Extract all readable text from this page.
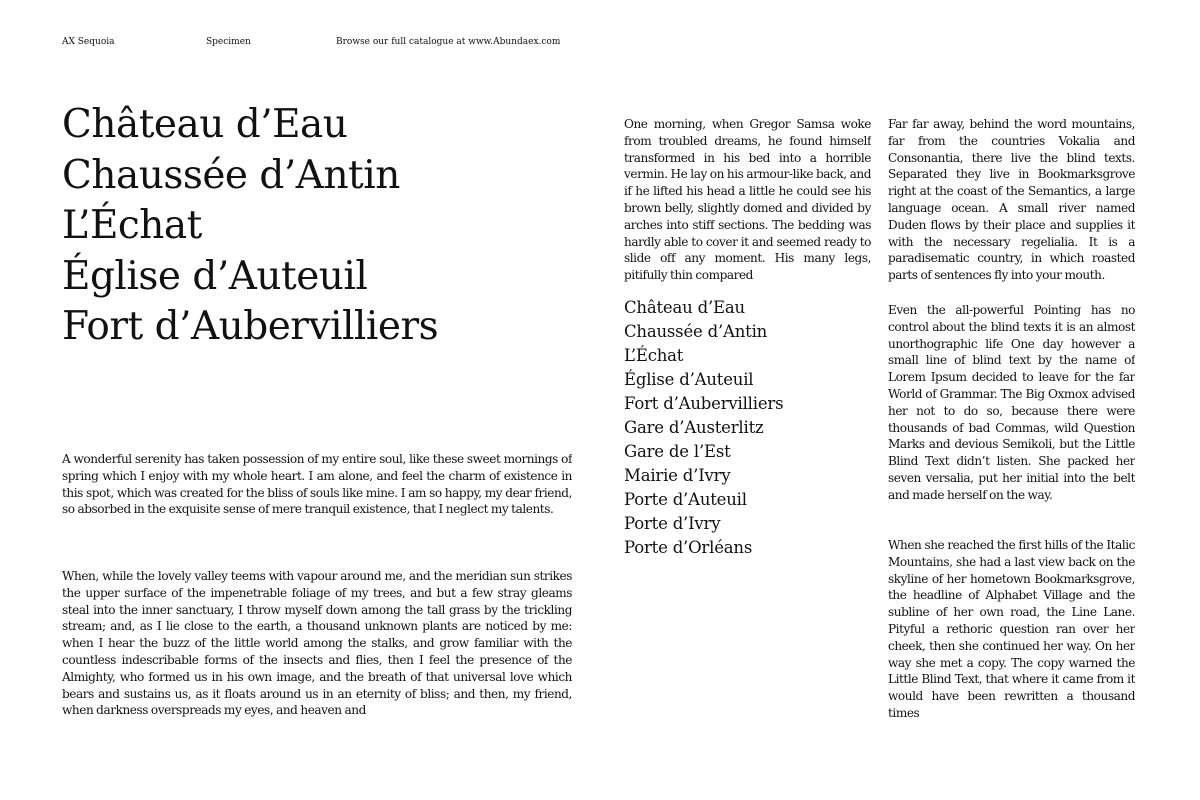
AX Sequoia	Specimen	Browse our full catalogue at www.Abundaex.com
Château d’Eau
Chaussée d’Antin
L’Échat
Église d’Auteuil
Fort d’Aubervilliers

A wonderful serenity has taken possession of my entire soul, like these sweet mornings of spring which I enjoy with my whole heart. I am alone, and feel the charm of existence in this spot, which was created for the bliss of souls like mine. I am so happy, my dear friend, so absorbed in the exquisite sense of mere tranquil existence, that I neglect my talents.

When, while the lovely valley teems with vapour around me, and the meridian sun strikes the upper surface of the impenetrable foliage of my trees, and but a few stray gleams steal into the inner sanctuary, I throw myself down among the tall grass by the trickling stream; and, as I lie close to the earth, a thousand unknown plants are noticed by me: when I hear the buzz of the little world among the stalks, and grow familiar with the countless indescribable forms of the insects and flies, then I feel the presence of the Almighty, who formed us in his own image, and the breath of that universal love which bears and sustains us, as it floats around us in an eternity of bliss; and then, my friend, when darkness overspreads my eyes, and heaven and

One morning, when Gregor Samsa woke from troubled dreams, he found himself transformed in his bed into a horrible vermin. He lay on his armour-like back, and if he lifted his head a little he could see his brown belly, slightly domed and divided by arches into stiff sections. The bedding was hardly able to cover it and seemed ready to slide off any moment. His many legs, pitifully thin compared

Château d’Eau
Chaussée d’Antin
L’Échat
Église d’Auteuil
Fort d’Aubervilliers
Gare d’Austerlitz
Gare de l’Est
Mairie d’Ivry
Porte d’Auteuil
Porte d’Ivry
Porte d’Orléans

Far far away, behind the word mountains, far from the countries Vokalia and Consonantia, there live the blind texts. Separated they live in Bookmarksgrove right at the coast of the Semantics, a large language ocean. A small river named Duden flows by their place and supplies it with the necessary regelialia. It is a paradisematic country, in which roasted parts of sentences fly into your mouth.

Even the all-powerful Pointing has no control about the blind texts it is an almost unorthographic life One day however a small line of blind text by the name of Lorem Ipsum decided to leave for the far World of Grammar. The Big Oxmox advised her not to do so, because there were thousands of bad Commas, wild Question Marks and devious Semikoli, but the Little Blind Text didn’t listen. She packed her seven versalia, put her initial into the belt and made herself on the way.

When she reached the first hills of the Italic Mountains, she had a last view back on the skyline of her hometown Bookmarksgrove, the headline of Alphabet Village and the subline of her own road, the Line Lane. Pityful a rethoric question ran over her cheek, then she continued her way. On her way she met a copy. The copy warned the Little Blind Text, that where it came from it would have been rewritten a thousand times
